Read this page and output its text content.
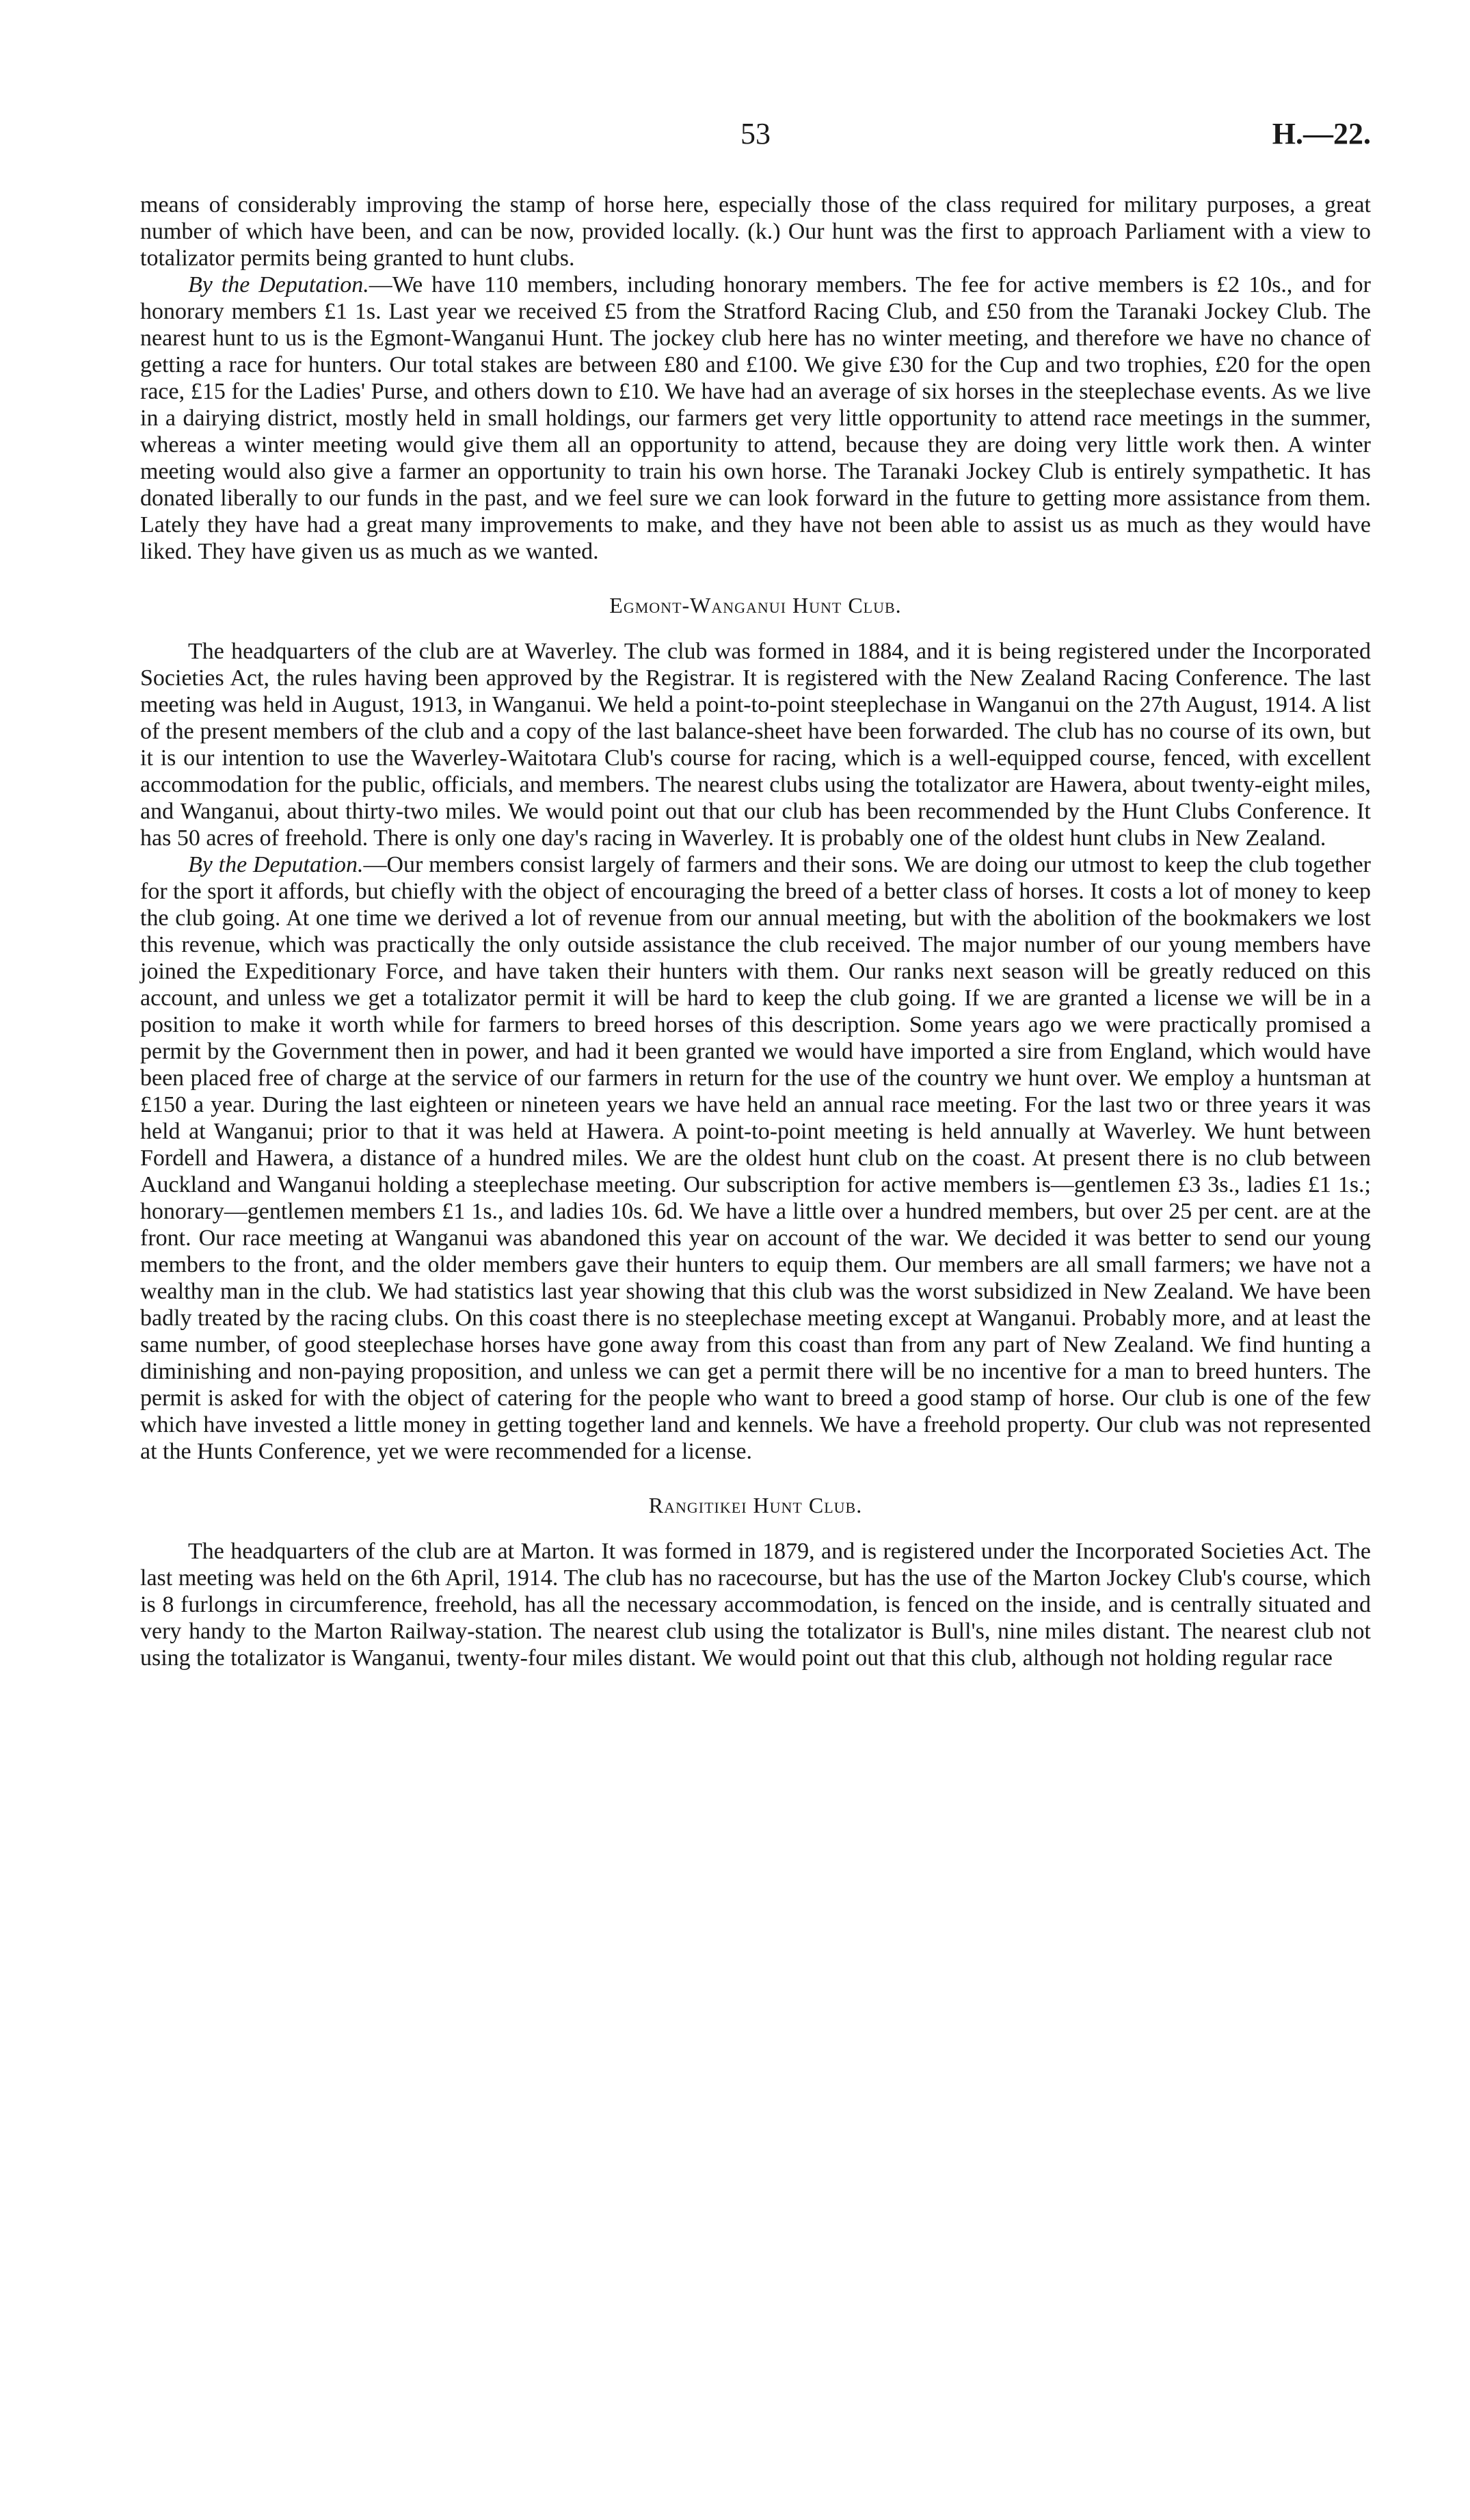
53	H.—22.

means of considerably improving the stamp of horse here, especially those of the class required for military purposes, a great number of which have been, and can be now, provided locally. (k.) Our hunt was the first to approach Parliament with a view to totalizator permits being granted to hunt clubs.

By the Deputation.—We have 110 members, including honorary members. The fee for active members is £2 10s., and for honorary members £1 1s. Last year we received £5 from the Stratford Racing Club, and £50 from the Taranaki Jockey Club. The nearest hunt to us is the Egmont-Wanganui Hunt. The jockey club here has no winter meeting, and therefore we have no chance of getting a race for hunters. Our total stakes are between £80 and £100. We give £30 for the Cup and two trophies, £20 for the open race, £15 for the Ladies' Purse, and others down to £10. We have had an average of six horses in the steeplechase events. As we live in a dairying district, mostly held in small holdings, our farmers get very little opportunity to attend race meetings in the summer, whereas a winter meeting would give them all an opportunity to attend, because they are doing very little work then. A winter meeting would also give a farmer an opportunity to train his own horse. The Taranaki Jockey Club is entirely sympathetic. It has donated liberally to our funds in the past, and we feel sure we can look forward in the future to getting more assistance from them. Lately they have had a great many improvements to make, and they have not been able to assist us as much as they would have liked. They have given us as much as we wanted.

Egmont-Wanganui Hunt Club.

The headquarters of the club are at Waverley. The club was formed in 1884, and it is being registered under the Incorporated Societies Act, the rules having been approved by the Registrar. It is registered with the New Zealand Racing Conference. The last meeting was held in August, 1913, in Wanganui. We held a point-to-point steeplechase in Wanganui on the 27th August, 1914. A list of the present members of the club and a copy of the last balance-sheet have been forwarded. The club has no course of its own, but it is our intention to use the Waverley-Waitotara Club's course for racing, which is a well-equipped course, fenced, with excellent accommodation for the public, officials, and members. The nearest clubs using the totalizator are Hawera, about twenty-eight miles, and Wanganui, about thirty-two miles. We would point out that our club has been recommended by the Hunt Clubs Conference. It has 50 acres of freehold. There is only one day's racing in Waverley. It is probably one of the oldest hunt clubs in New Zealand.

By the Deputation.—Our members consist largely of farmers and their sons. We are doing our utmost to keep the club together for the sport it affords, but chiefly with the object of encouraging the breed of a better class of horses. It costs a lot of money to keep the club going. At one time we derived a lot of revenue from our annual meeting, but with the abolition of the bookmakers we lost this revenue, which was practically the only outside assistance the club received. The major number of our young members have joined the Expeditionary Force, and have taken their hunters with them. Our ranks next season will be greatly reduced on this account, and unless we get a totalizator permit it will be hard to keep the club going. If we are granted a license we will be in a position to make it worth while for farmers to breed horses of this description. Some years ago we were practically promised a permit by the Government then in power, and had it been granted we would have imported a sire from England, which would have been placed free of charge at the service of our farmers in return for the use of the country we hunt over. We employ a huntsman at £150 a year. During the last eighteen or nineteen years we have held an annual race meeting. For the last two or three years it was held at Wanganui; prior to that it was held at Hawera. A point-to-point meeting is held annually at Waverley. We hunt between Fordell and Hawera, a distance of a hundred miles. We are the oldest hunt club on the coast. At present there is no club between Auckland and Wanganui holding a steeplechase meeting. Our subscription for active members is—gentlemen £3 3s., ladies £1 1s.; honorary—gentlemen members £1 1s., and ladies 10s. 6d. We have a little over a hundred members, but over 25 per cent. are at the front. Our race meeting at Wanganui was abandoned this year on account of the war. We decided it was better to send our young members to the front, and the older members gave their hunters to equip them. Our members are all small farmers; we have not a wealthy man in the club. We had statistics last year showing that this club was the worst subsidized in New Zealand. We have been badly treated by the racing clubs. On this coast there is no steeplechase meeting except at Wanganui. Probably more, and at least the same number, of good steeplechase horses have gone away from this coast than from any part of New Zealand. We find hunting a diminishing and non-paying proposition, and unless we can get a permit there will be no incentive for a man to breed hunters. The permit is asked for with the object of catering for the people who want to breed a good stamp of horse. Our club is one of the few which have invested a little money in getting together land and kennels. We have a freehold property. Our club was not represented at the Hunts Conference, yet we were recommended for a license.

Rangitikei Hunt Club.

The headquarters of the club are at Marton. It was formed in 1879, and is registered under the Incorporated Societies Act. The last meeting was held on the 6th April, 1914. The club has no racecourse, but has the use of the Marton Jockey Club's course, which is 8 furlongs in circumference, freehold, has all the necessary accommodation, is fenced on the inside, and is centrally situated and very handy to the Marton Railway-station. The nearest club using the totalizator is Bull's, nine miles distant. The nearest club not using the totalizator is Wanganui, twenty-four miles distant. We would point out that this club, although not holding regular race
